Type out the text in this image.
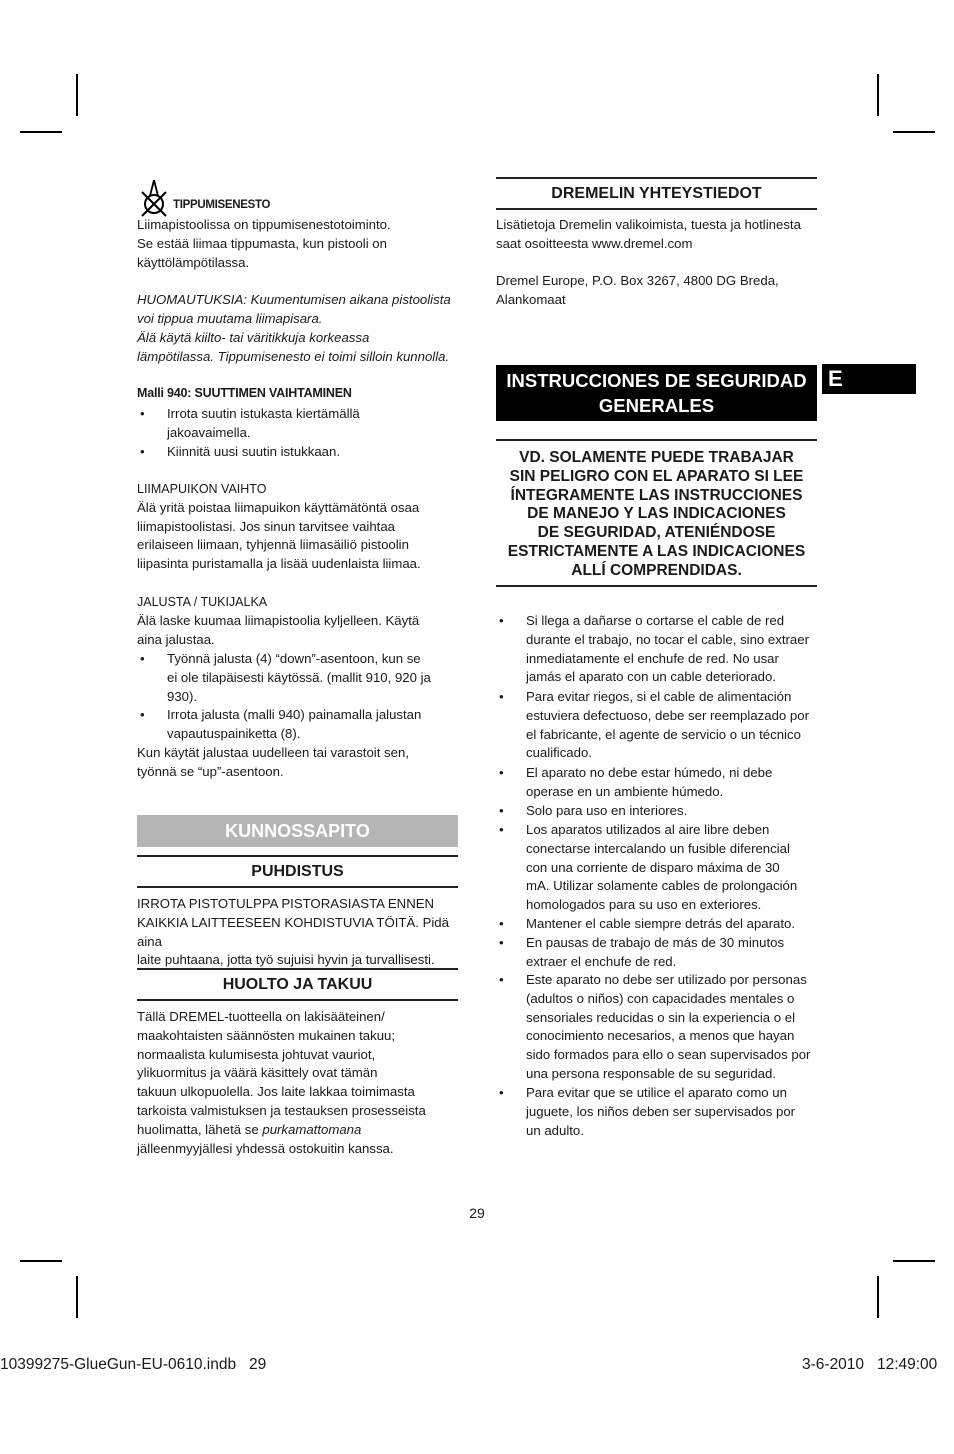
TIPPUMISENESTO

Liimapistoolissa on tippumisenestotoiminto.

Se estää liimaa tippumasta, kun pistooli on

käyttölämpötilassa.

HUOMAUTUKSIA: Kuumentumisen aikana pistoolista

voi tippua muutama liimapisara.

Älä käytä kiilto- tai väritikkuja korkeassa

lämpötilassa. Tippumisenesto ei toimi silloin kunnolla.

Malli 940: SUUTTIMEN VAIHTAMINEN

•	Irrota suutin istukasta kiertämällä
jakoavaimella.
•	Kiinnitä uusi suutin istukkaan.

LIIMAPUIKON VAIHTO

Älä yritä poistaa liimapuikon käyttämätöntä osaa

liimapistoolistasi. Jos sinun tarvitsee vaihtaa

erilaiseen liimaan, tyhjennä liimasäiliö pistoolin

liipasinta puristamalla ja lisää uudenlaista liimaa.

JALUSTA / TUKIJALKA

Älä laske kuumaa liimapistoolia kyljelleen. Käytä

aina jalustaa.

•	Työnnä jalusta (4) “down”-asentoon, kun se
ei ole tilapäisesti käytössä. (mallit 910, 920 ja
930).
•	Irrota jalusta (malli 940) painamalla jalustan
vapautuspainiketta (8).

Kun käytät jalustaa uudelleen tai varastoit sen,

työnnä se “up”-asentoon.

KUNNOSSAPITO
PUHDISTUS

IRROTA PISTOTULPPA PISTORASIASTA ENNEN

KAIKKIA LAITTEESEEN KOHDISTUVIA TÖITÄ. Pidä aina

laite puhtaana, jotta työ sujuisi hyvin ja turvallisesti.

HUOLTO JA TAKUU

Tällä DREMEL-tuotteella on lakisääteinen/

maakohtaisten säännösten mukainen takuu;

normaalista kulumisesta johtuvat vauriot,

ylikuormitus ja väärä käsittely ovat tämän

takuun ulkopuolella. Jos laite lakkaa toimimasta

tarkoista valmistuksen ja testauksen prosesseista

huolimatta, lähetä se purkamattomana

jälleenmyyjällesi yhdessä ostokuitin kanssa.

DREMELIN YHTEYSTIEDOT

Lisätietoja Dremelin valikoimista, tuesta ja hotlinesta

saat osoitteesta www.dremel.com

Dremel Europe, P.O. Box 3267, 4800 DG Breda,

Alankomaat

INSTRUCCIONES DE SEGURIDAD
GENERALES
VD. SOLAMENTE PUEDE TRABAJAR
SIN PELIGRO CON EL APARATO SI LEE
ÍNTEGRAMENTE LAS INSTRUCCIONES
DE MANEJO Y LAS INDICACIONES
DE SEGURIDAD, ATENIÉNDOSE
ESTRICTAMENTE A LAS INDICACIONES
ALLÍ COMPRENDIDAS.
•	Si llega a dañarse o cortarse el cable de red
durante el trabajo, no tocar el cable, sino extraer
inmediatamente el enchufe de red. No usar
jamás el aparato con un cable deteriorado.
•	Para evitar riegos, si el cable de alimentación
estuviera defectuoso, debe ser reemplazado por
el fabricante, el agente de servicio o un técnico
cualificado.
•	El aparato no debe estar húmedo, ni debe
operase en un ambiente húmedo.
•	Solo para uso en interiores.
•	Los aparatos utilizados al aire libre deben
conectarse intercalando un fusible diferencial
con una corriente de disparo máxima de 30
mA. Utilizar solamente cables de prolongación
homologados para su uso en exteriores.
•	Mantener el cable siempre detrás del aparato.
•	En pausas de trabajo de más de 30 minutos
extraer el enchufe de red.
•	Este aparato no debe ser utilizado por personas
(adultos o niños) con capacidades mentales o
sensoriales reducidas o sin la experiencia o el
conocimiento necesarios, a menos que hayan
sido formados para ello o sean supervisados por
una persona responsable de su seguridad.
•	Para evitar que se utilice el aparato como un
juguete, los niños deben ser supervisados por
un adulto.
E
29
10399275-GlueGun-EU-0610.indb   29	3-6-2010   12:49:00
